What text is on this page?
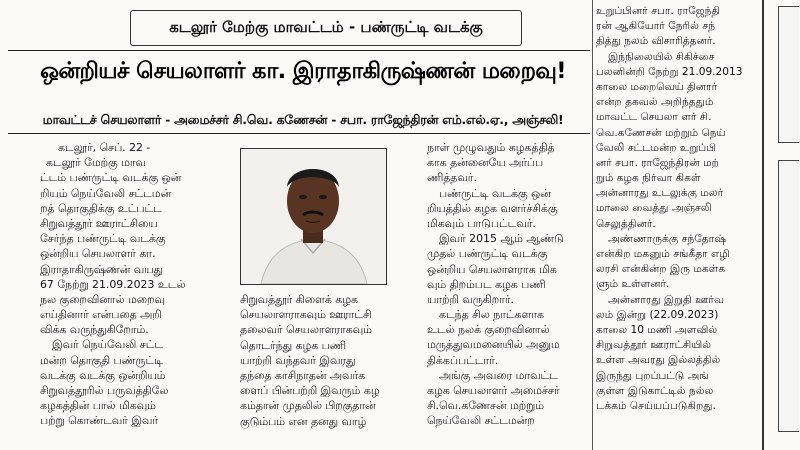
கடலூர் மேற்கு மாவட்டம் - பண்ருட்டி வடக்கு
ஒன்றியச் செயலாளர் கா. இராதாகிருஷ்ணன் மறைவு!
மாவட்டச் செயலாளர் - அமைச்சர் சி.வெ. கணேசன் - சபா. ராஜேந்திரன் எம்.எல்.ஏ., அஞ்சலி!
கடலூர், செப். 22 -
கடலூர் மேற்கு மாவ
ட்டம் பண்ருட்டி வடக்கு ஒன்
றியம் நெய்வேலி சட்டமன்
றத் தொகுதிக்கு உட்பட்ட
சிறுவத்தூர் ஊராட்சியை
சேர்ந்த பண்ருட்டி வடக்கு
ஒன்றிய செயலாளர் கா.
இராதாகிருஷ்ணன் வயது
67 நேற்று 21.09.2023 உடல்
நல குறைவினால் மறைவு
எய்தினார் என்பதை அறி
விக்க வருந்துகிறோம்.
இவர் நெய்வேலி சட்ட
மன்ற தொகுதி பண்ருட்டி
வடக்கு வடக்கு ஒன்றியம்
சிறுவத்தூரில் பருவத்திலே
கழகத்தின் பால் மிகவும்
பற்று கொண்டவர் இவர்
சிறுவத்தூர் கிளைக் கழக
செயலாளராகவும் ஊராட்சி
தலைவர் செயலாளராகவும்
தொடர்ந்து கழக பணி
யாற்றி வந்தவர் இவரது
தந்தை காசிநாதன் அவர்க
ளைப் பின்பற்றி இவரும் கழ
கம்தான் முதலில் பிறகுதான்
குடும்பம் என தனது வாழ்
நாள் முழுவதும் கழகத்தித்
காக தன்னையே அர்ப்ப
ணித்தவர்.
பண்ருட்டி வடக்கு ஒன்
றியத்தில் கழக வளர்ச்சிக்கு
மிகவும் பாடுபட்டவர்.
இவர் 2015 ஆம் ஆண்டு
முதல் பண்ருட்டி வடக்கு
ஒன்றிய செயலாளராக மிக
வும் திறம்பட கழக பணி
யாற்றி வருகிறார்.
கடந்த சில நாட்களாக
உடல் நலக் குறைவினால்
மருத்துவமனையில் அனும
திக்கப்பட்டார்.
அங்கு அவரை மாவட்ட
கழக செயலாளர் அமைச்சர்
சி.வெ.கணேசன் மற்றும்
நெய்வேலி சட்டமன்ற
உறுப்பினர் சபா. ராஜேந்தி
ரன் ஆகியோர் நேரில் சந்
தித்து நலம் விசாரித்தனர்.
இந்நிலையில் சிகிச்சை
பலனின்றி நேற்று 21.09.2013
காலை மறைவெய் தினார்
என்ற தகவல் அறிந்ததும்
மாவட்ட செயலா ளர் சி.
வெ.கணேசன் மற்றும் நெய்
வேலி சட்டமன்ற உறுப்பி
னர் சபா. ராஜேந்திரன் மற்
றும் கழக நிர்வா கிகள்
அன்னாரது உடலுக்கு மலர்
மாலை வைத்து அஞ்சலி
செலுத்தினர்.
அண்ணாருக்கு சந்தோஷ்
என்கிற மகனும் சங்கீதா எழி
லரசி என்கின்ற இரு மகள்க
ளும் உள்ளனர்.
அன்னாரது இறுதி ஊர்வ
லம் இன்று (22.09.2023)
காலை 10 மணி அளவில்
சிறுவத்தூர் ஊராட்சியில்
உள்ள அவரது இல்லத்தில்
இருந்து புறப்பட்டு அங்
குள்ள இடுகாட்டில் நல்ல
டக்கம் செய்யப்படுகிறது.
